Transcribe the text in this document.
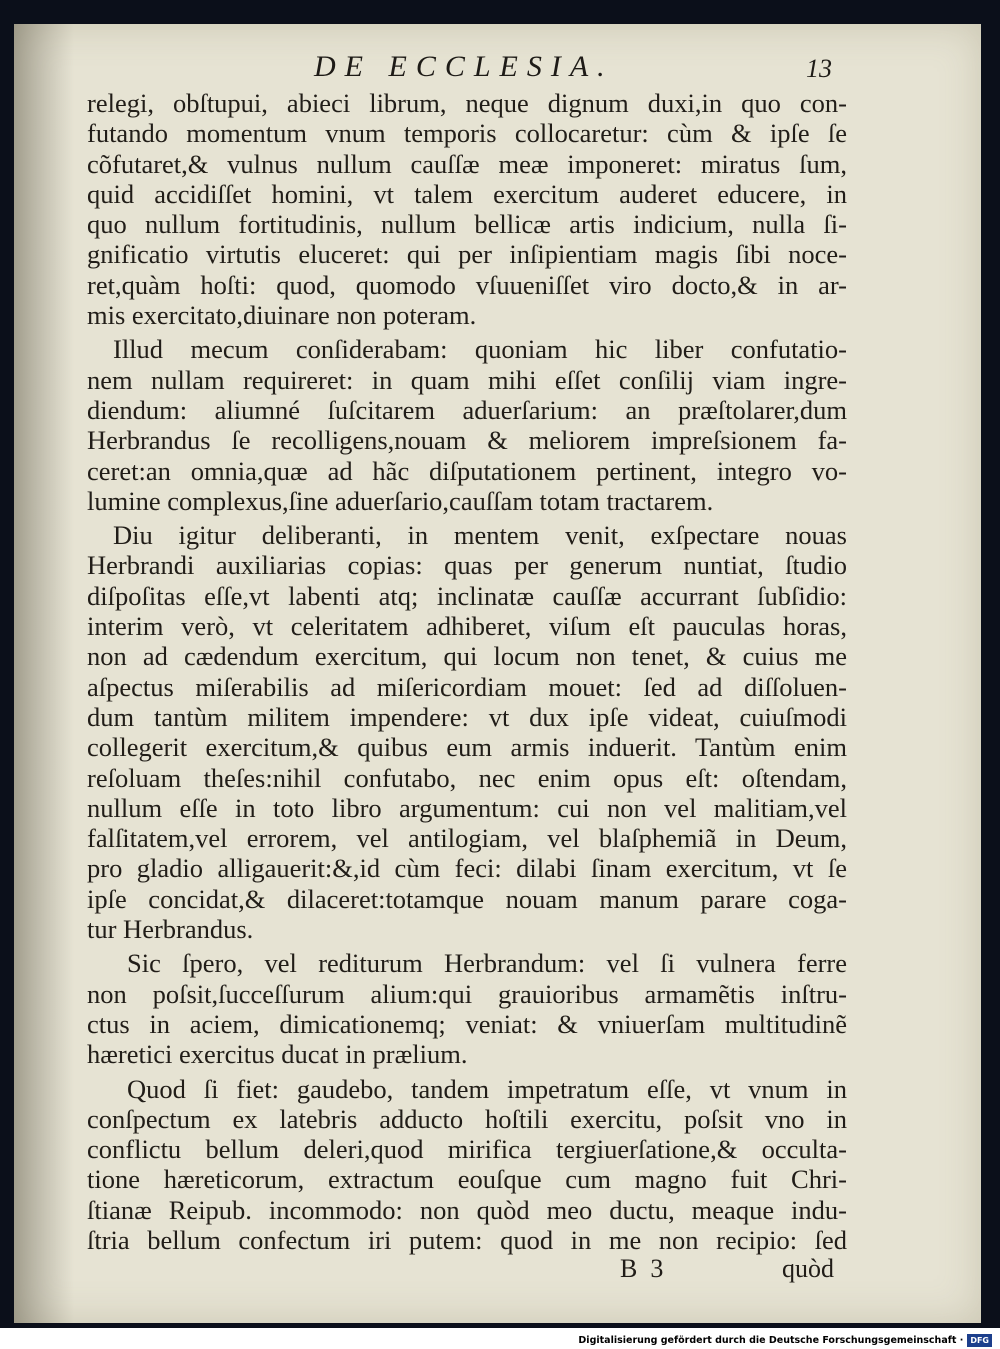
DE ECCLESIA.	13
relegi, obſtupui, abieci librum, neque dignum duxi,in quo con-
futando momentum vnum temporis collocaretur: cùm & ipſe ſe
cõfutaret,& vulnus nullum cauſſæ meæ imponeret: miratus ſum,
quid accidiſſet homini, vt talem exercitum auderet educere, in
quo nullum fortitudinis, nullum bellicæ artis indicium, nulla ſi-
gnificatio virtutis eluceret: qui per inſipientiam magis ſibi noce-
ret,quàm hoſti: quod, quomodo vſuueniſſet viro docto,& in ar-
mis exercitato,diuinare non poteram.
Illud mecum conſiderabam: quoniam hic liber confutatio-
nem nullam requireret: in quam mihi eſſet conſilij viam ingre-
diendum: aliumné ſuſcitarem aduerſarium: an præſtolarer,dum
Herbrandus ſe recolligens,nouam & meliorem impreſsionem fa-
ceret:an omnia,quæ ad hãc diſputationem pertinent, integro vo-
lumine complexus,ſine aduerſario,cauſſam totam tractarem.
Diu igitur deliberanti, in mentem venit, exſpectare nouas
Herbrandi auxiliarias copias: quas per generum nuntiat, ſtudio
diſpoſitas eſſe,vt labenti atq; inclinatæ cauſſæ accurrant ſubſidio:
interim verò, vt celeritatem adhiberet, viſum eſt pauculas horas,
non ad cædendum exercitum, qui locum non tenet, & cuius me
aſpectus miſerabilis ad miſericordiam mouet: ſed ad diſſoluen-
dum tantùm militem impendere: vt dux ipſe videat, cuiuſmodi
collegerit exercitum,& quibus eum armis induerit. Tantùm enim
reſoluam theſes:nihil confutabo, nec enim opus eſt: oſtendam,
nullum eſſe in toto libro argumentum: cui non vel malitiam,vel
falſitatem,vel errorem, vel antilogiam, vel blaſphemiã in Deum,
pro gladio alligauerit:&,id cùm feci: dilabi ſinam exercitum, vt ſe
ipſe concidat,& dilaceret:totamque nouam manum parare coga-
tur Herbrandus.
Sic ſpero, vel rediturum Herbrandum: vel ſi vulnera ferre
non poſsit,ſucceſſurum alium:qui grauioribus armamẽtis inſtru-
ctus in aciem, dimicationemq; veniat: & vniuerſam multitudinẽ
hæretici exercitus ducat in prælium.
Quod ſi fiet: gaudebo, tandem impetratum eſſe, vt vnum in
conſpectum ex latebris adducto hoſtili exercitu, poſsit vno in
conflictu bellum deleri,quod mirifica tergiuerſatione,& occulta-
tione hæreticorum, extractum eouſque cum magno fuit Chri-
ſtianæ Reipub. incommodo: non quòd meo ductu, meaque indu-
ſtria bellum confectum iri putem: quod in me non recipio: ſed
B  3	quòd
Digitalisierung gefördert durch die Deutsche Forschungsgemeinschaft · DFG
